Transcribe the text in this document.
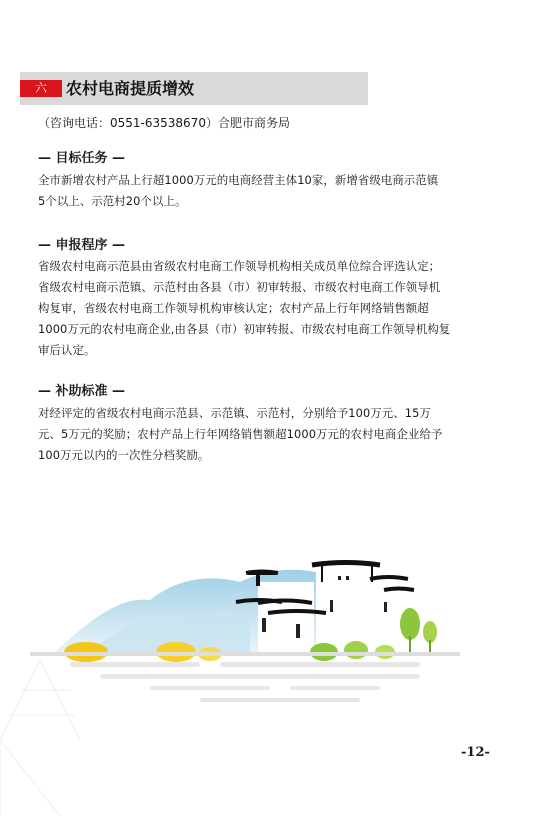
六	农村电商提质增效
（咨询电话：0551-63538670）合肥市商务局
— 目标任务 —

全市新增农村产品上行超1000万元的电商经营主体10家，新增省级电商示范镇

5个以上、示范村20个以上。

— 申报程序 —

省级农村电商示范县由省级农村电商工作领导机构相关成员单位综合评选认定；

省级农村电商示范镇、示范村由各县（市）初审转报、市级农村电商工作领导机

构复审，省级农村电商工作领导机构审核认定；农村产品上行年网络销售额超

1000万元的农村电商企业,由各县（市）初审转报、市级农村电商工作领导机构复

审后认定。

— 补助标准 —

对经评定的省级农村电商示范县、示范镇、示范村，分别给予100万元、15万

元、5万元的奖励；农村产品上行年网络销售额超1000万元的农村电商企业给予

100万元以内的一次性分档奖励。

-12-
